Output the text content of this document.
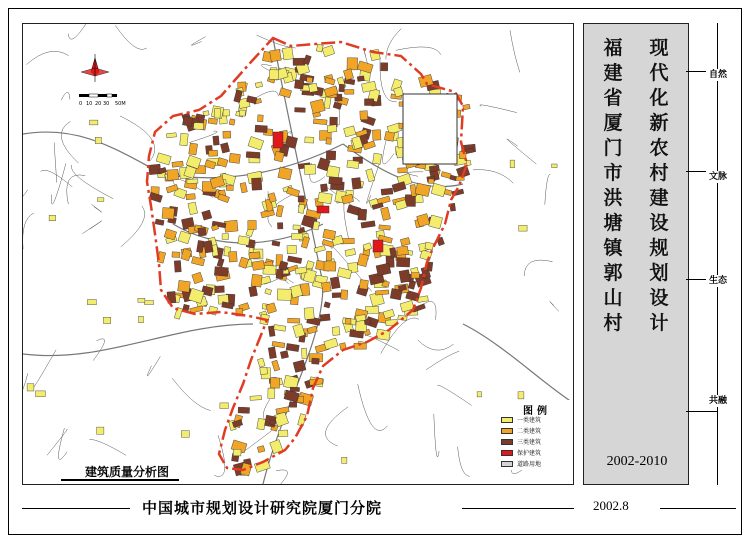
0 10 20 30 50M
建筑质量分析图
图例
一类建筑
二类建筑
三类建筑
保护建筑
道路用地
现代化新农村建设规划设计
福建省厦门市洪塘镇郭山村
2002-2010
自然
文脉
生态
共融
中国城市规划设计研究院厦门分院	2002.8
